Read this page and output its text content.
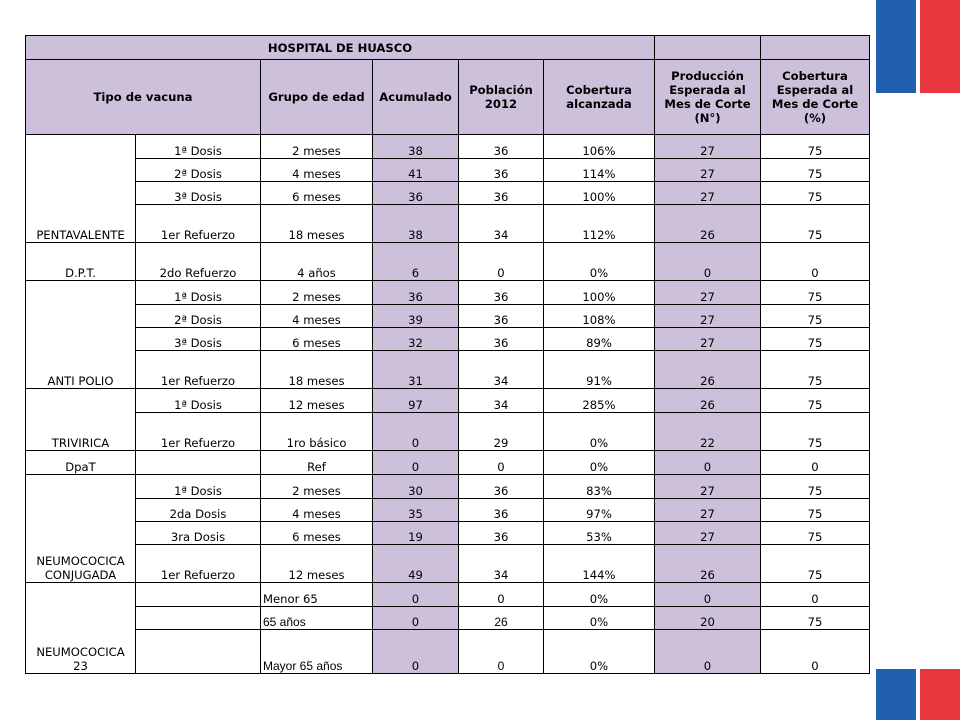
HOSPITAL DE HUASCO							
Tipo de vacuna		Grupo de edad	Acumulado	Población 2012	Cobertura alcanzada	Producción Esperada al Mes de Corte (N°)	Cobertura Esperada al Mes de Corte (%)
PENTAVALENTE	1ª Dosis	2 meses	38	36	106%	27	75
	2ª Dosis	4 meses	41	36	114%	27	75
	3ª Dosis	6 meses	36	36	100%	27	75
	1er Refuerzo	18 meses	38	34	112%	26	75
D.P.T.	2do Refuerzo	4 años	6	0	0%	0	0
ANTI POLIO	1ª Dosis	2 meses	36	36	100%	27	75
	2ª Dosis	4 meses	39	36	108%	27	75
	3ª Dosis	6 meses	32	36	89%	27	75
	1er Refuerzo	18 meses	31	34	91%	26	75
TRIVIRICA	1ª Dosis	12 meses	97	34	285%	26	75
	1er Refuerzo	1ro básico	0	29	0%	22	75
DpaT		Ref	0	0	0%	0	0
NEUMOCOCICA CONJUGADA	1ª Dosis	2 meses	30	36	83%	27	75
	2da Dosis	4 meses	35	36	97%	27	75
	3ra Dosis	6 meses	19	36	53%	27	75
	1er Refuerzo	12 meses	49	34	144%	26	75
NEUMOCOCICA 23		Menor 65	0	0	0%	0	0
		65 años	0	26	0%	20	75
		Mayor 65 años	0	0	0%	0	0
